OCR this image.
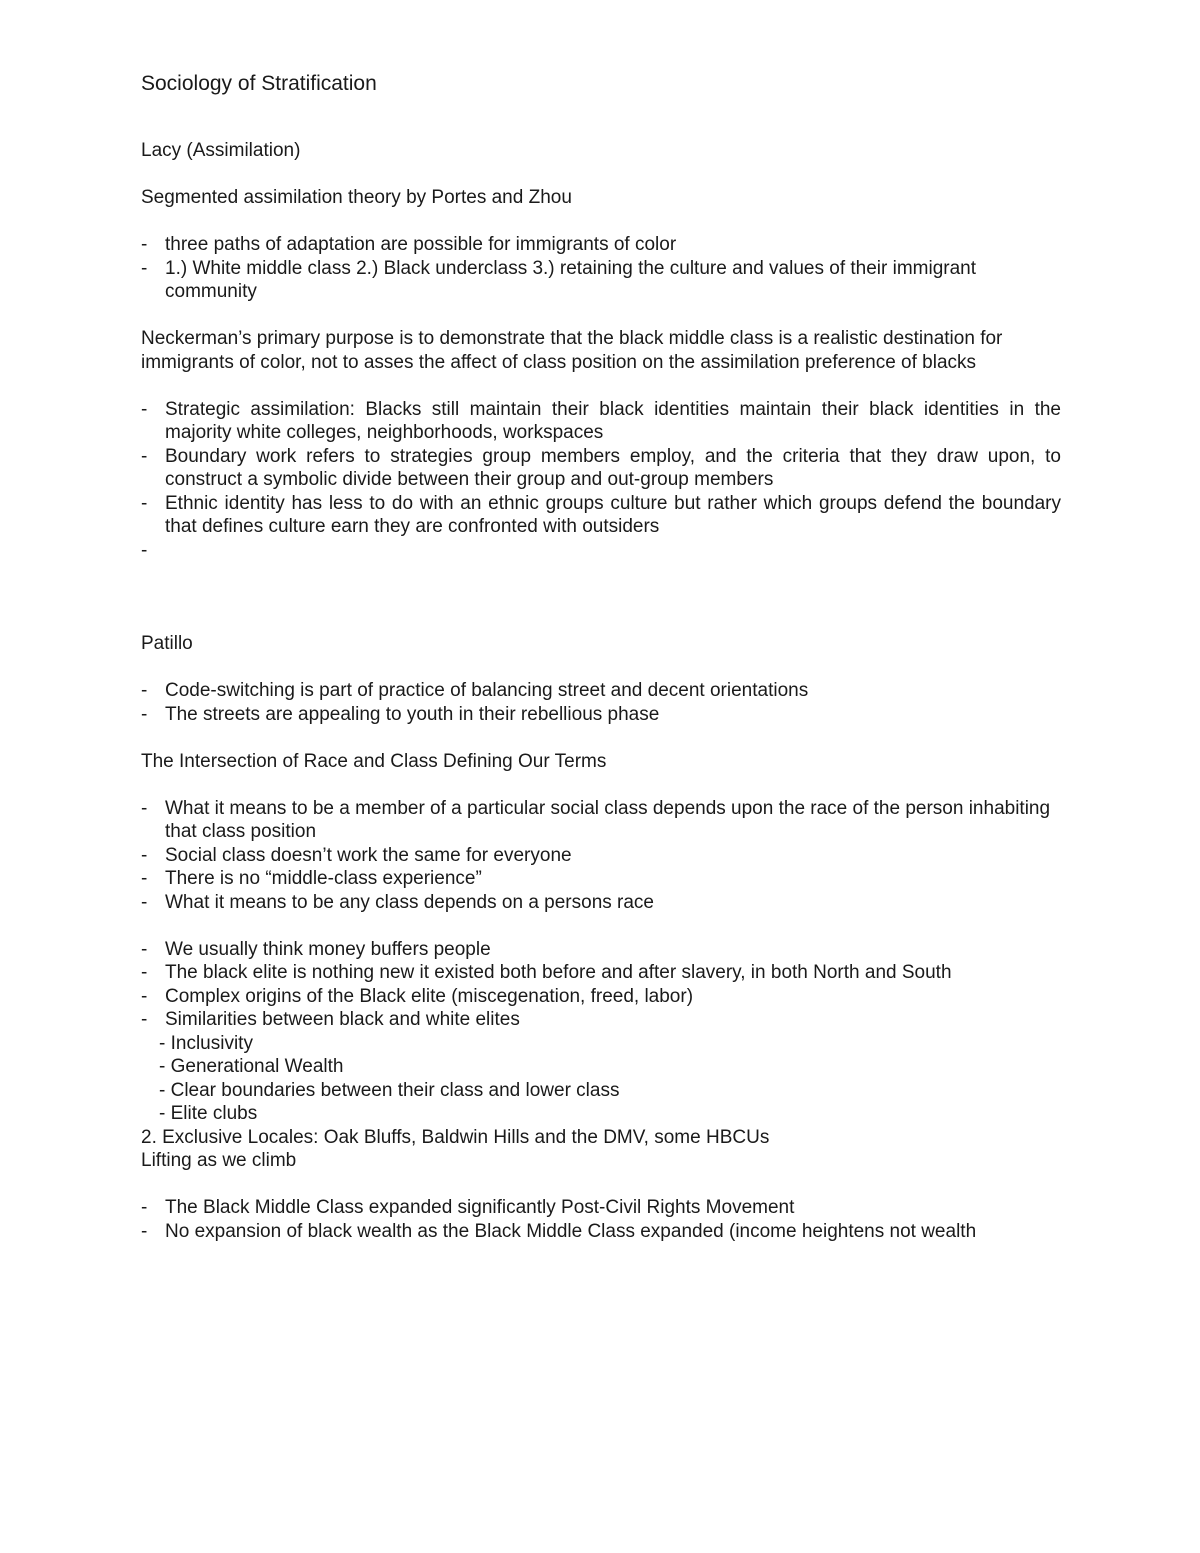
Sociology of Stratification

Lacy (Assimilation)

Segmented assimilation theory by Portes and Zhou

- three paths of adaptation are possible for immigrants of color
- 1.) White middle class 2.) Black underclass 3.) retaining the culture and values of their immigrant community

Neckerman’s primary purpose is to demonstrate that the black middle class is a realistic destination for immigrants of color, not to asses the affect of class position on the assimilation preference of blacks

- Strategic assimilation: Blacks still maintain their black identities maintain their black identities in the majority white colleges, neighborhoods, workspaces
- Boundary work refers to strategies group members employ, and the criteria that they draw upon, to construct a symbolic divide between their group and out-group members
- Ethnic identity has less to do with an ethnic groups culture but rather which groups defend the boundary that defines culture earn they are confronted with outsiders
-

Patillo

- Code-switching is part of practice of balancing street and decent orientations
- The streets are appealing to youth in their rebellious phase

The Intersection of Race and Class Defining Our Terms

- What it means to be a member of a particular social class depends upon the race of the person inhabiting that class position
- Social class doesn’t work the same for everyone
- There is no “middle-class experience”
- What it means to be any class depends on a persons race
- We usually think money buffers people
- The black elite is nothing new it existed both before and after slavery, in both North and South
- Complex origins of the Black elite (miscegenation, freed, labor)
- Similarities between black and white elites
- Inclusivity
- Generational Wealth
- Clear boundaries between their class and lower class
- Elite clubs

2. Exclusive Locales: Oak Bluffs, Baldwin Hills and the DMV, some HBCUs

Lifting as we climb

- The Black Middle Class expanded significantly Post-Civil Rights Movement
- No expansion of black wealth as the Black Middle Class expanded (income heightens not wealth
